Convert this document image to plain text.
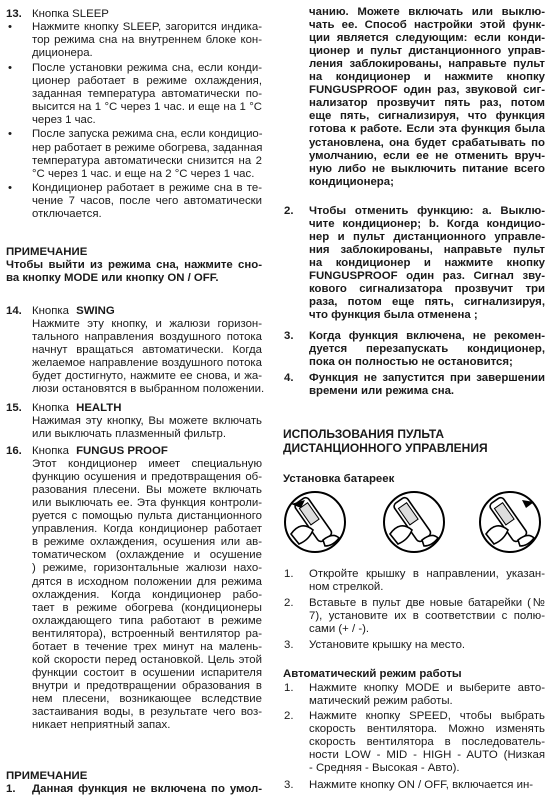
13. Кнопка SLEEP
• Нажмите кнопку SLEEP, загорится индика-
тор режима сна на внутреннем блоке кон-
диционера.
• После установки режима сна, если конди-
ционер работает в режиме охлаждения,
заданная температура автоматически по-
высится на 1 °C через 1 час. и еще на 1 °C
через 1 час.
• После запуска режима сна, если кондицио-
нер работает в режиме обогрева, заданная
температура автоматически снизится на 2
°C через 1 час. и еще на 2 °C через 1 час.
• Кондиционер работает в режиме сна в те-
чение 7 часов, после чего автоматически
отключается.
ПРИМЕЧАНИЕ
Чтобы выйти из режима сна, нажмите сно-
ва кнопку MODE или кнопку ON / OFF.
14. Кнопка SWING
Нажмите эту кнопку, и жалюзи горизон-
тального направления воздушного потока
начнут вращаться автоматически. Когда
желаемое направление воздушного потока
будет достигнуто, нажмите ее снова, и жа-
люзи остановятся в выбранном положении.
15. Кнопка HEALTH
Нажимая эту кнопку, Вы можете включать
или выключать плазменный фильтр.
16. Кнопка FUNGUS PROOF
Этот кондиционер имеет специальную
функцию осушения и предотвращения об-
разования плесени. Вы можете включать
или выключать ее. Эта функция контроли-
руется с помощью пульта дистанционного
управления. Когда кондиционер работает
в режиме охлаждения, осушения или ав-
томатическом (охлаждение и осушение
) режиме, горизонтальные жалюзи нахо-
дятся в исходном положении для режима
охлаждения. Когда кондиционер рабо-
тает в режиме обогрева (кондиционеры
охлаждающего типа работают в режиме
вентилятора), встроенный вентилятор ра-
ботает в течение трех минут на малень-
кой скорости перед остановкой. Цель этой
функции состоит в осушении испарителя
внутри и предотвращении образования в
нем плесени, возникающее вследствие
застаивания воды, в результате чего воз-
никает неприятный запах.
ПРИМЕЧАНИЕ
1. Данная функция не включена по умол-
чанию. Можете включать или выклю-
чать ее. Способ настройки этой функ-
ции является следующим: если конди-
ционер и пульт дистанционного управ-
ления заблокированы, направьте пульт
на кондиционер и нажмите кнопку
FUNGUSPROOF один раз, звуковой сиг-
нализатор прозвучит пять раз, потом
еще пять, сигнализируя, что функция
готова к работе. Если эта функция была
установлена, она будет срабатывать по
умолчанию, если ее не отменить вруч-
ную либо не выключить питание всего
кондиционера;
2. Чтобы отменить функцию: a. Выклю-
чите кондиционер; b. Когда кондицио-
нер и пульт дистанционного управле-
ния заблокированы, направьте пульт
на кондиционер и нажмите кнопку
FUNGUSPROOF один раз. Сигнал зву-
кового сигнализатора прозвучит три
раза, потом еще пять, сигнализируя,
что функция была отменена ;
3. Когда функция включена, не рекомен-
дуется перезапускать кондиционер,
пока он полностью не остановится;
4. Функция не запустится при завершении
времени или режима сна.
ИСПОЛЬЗОВАНИЯ ПУЛЬТА
ДИСТАНЦИОННОГО УПРАВЛЕНИЯ
Установка батареек
1. Откройте крышку в направлении, указан-
ном стрелкой.
2. Вставьте в пульт две новые батарейки (№
7), установите их в соответствии с полю-
сами (+ / -).
3. Установите крышку на место.
Автоматический режим работы
1. Нажмите кнопку MODE и выберите авто-
матический режим работы.
2. Нажмите кнопку SPEED, чтобы выбрать
скорость вентилятора. Можно изменять
скорость вентилятора в последователь-
ности LOW - MID - HIGH - AUTO (Низкая
- Средняя - Высокая - Авто).
3. Нажмите кнопку ON / OFF, включается ин-
